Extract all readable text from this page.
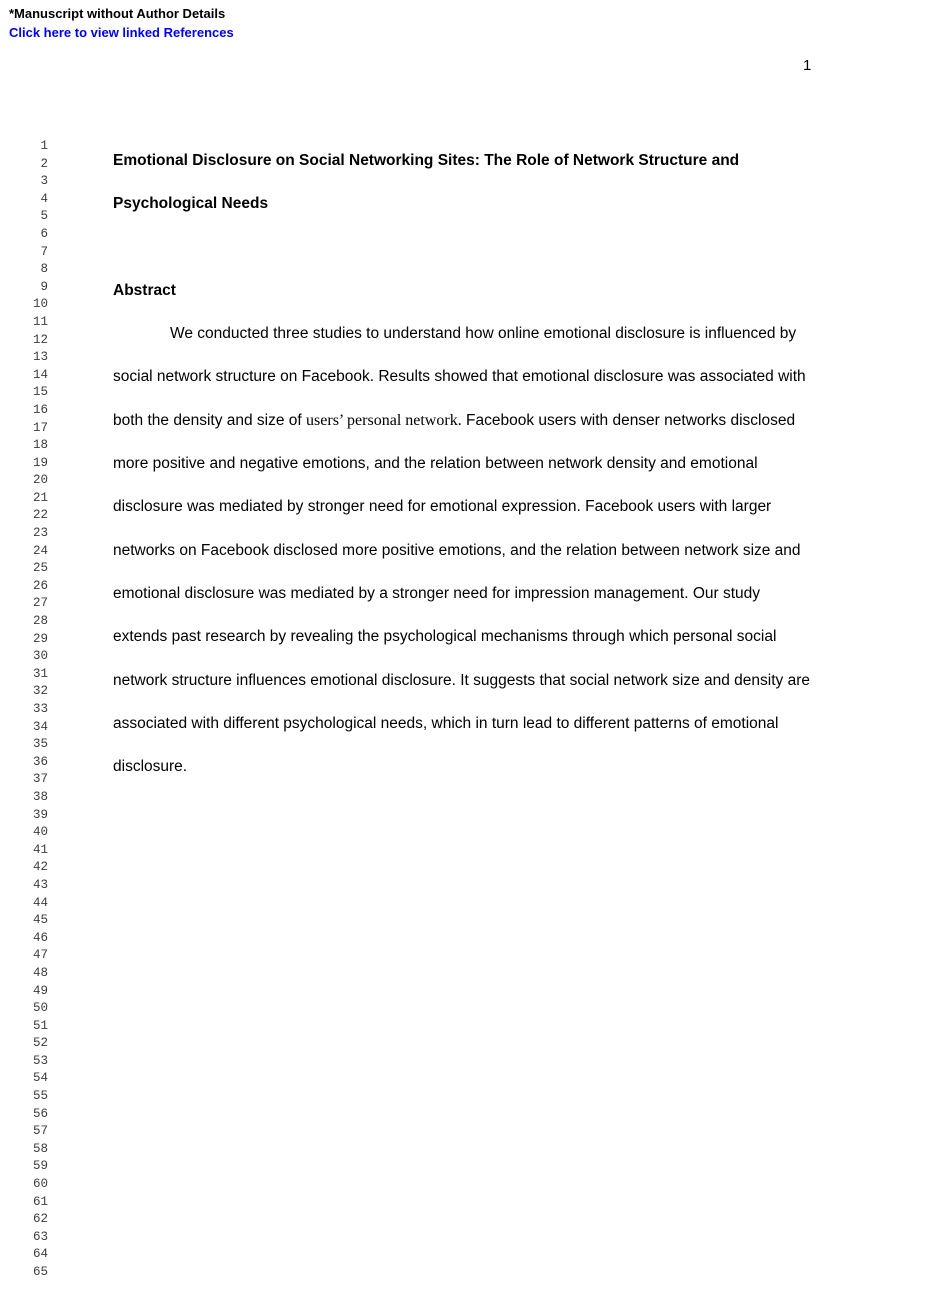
*Manuscript without Author Details
Click here to view linked References
1
1
2
3
4
5
6
7
8
9
10
11
12
13
14
15
16
17
18
19
20
21
22
23
24
25
26
27
28
29
30
31
32
33
34
35
36
37
38
39
40
41
42
43
44
45
46
47
48
49
50
51
52
53
54
55
56
57
58
59
60
61
62
63
64
65
Emotional Disclosure on Social Networking Sites: The Role of Network Structure and Psychological Needs
Abstract

We conducted three studies to understand how online emotional disclosure is influenced by social network structure on Facebook. Results showed that emotional disclosure was associated with both the density and size of users’ personal network. Facebook users with denser networks disclosed more positive and negative emotions, and the relation between network density and emotional disclosure was mediated by stronger need for emotional expression. Facebook users with larger networks on Facebook disclosed more positive emotions, and the relation between network size and emotional disclosure was mediated by a stronger need for impression management. Our study extends past research by revealing the psychological mechanisms through which personal social network structure influences emotional disclosure. It suggests that social network size and density are associated with different psychological needs, which in turn lead to different patterns of emotional disclosure.
